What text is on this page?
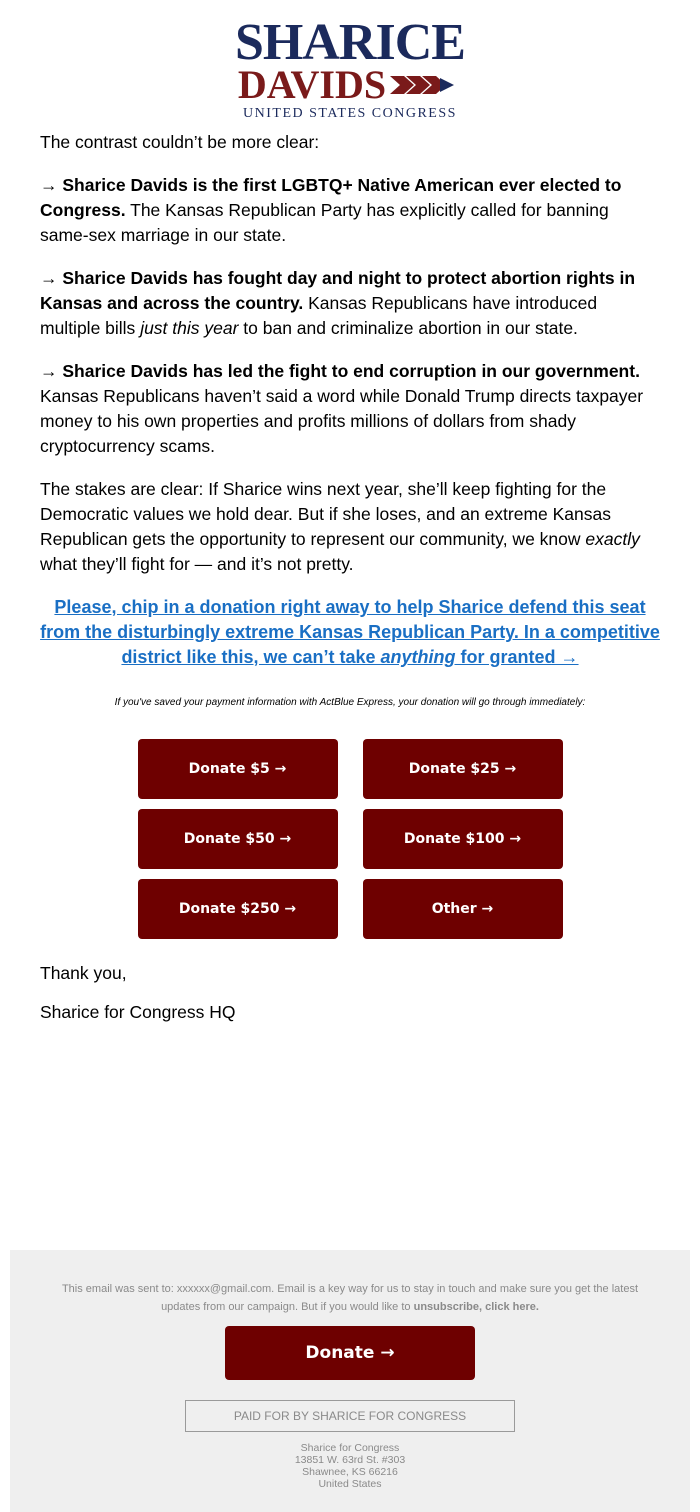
SHARICE
DAVIDS
UNITED STATES CONGRESS

The contrast couldn’t be more clear:

→ Sharice Davids is the first LGBTQ+ Native American ever elected to Congress. The Kansas Republican Party has explicitly called for banning same-sex marriage in our state.

→ Sharice Davids has fought day and night to protect abortion rights in Kansas and across the country. Kansas Republicans have introduced multiple bills just this year to ban and criminalize abortion in our state.

→ Sharice Davids has led the fight to end corruption in our government. Kansas Republicans haven’t said a word while Donald Trump directs taxpayer money to his own properties and profits millions of dollars from shady cryptocurrency scams.

The stakes are clear: If Sharice wins next year, she’ll keep fighting for the Democratic values we hold dear. But if she loses, and an extreme Kansas Republican gets the opportunity to represent our community, we know exactly what they’ll fight for — and it’s not pretty.

Please, chip in a donation right away to help Sharice defend this seat from the disturbingly extreme Kansas Republican Party. In a competitive district like this, we can’t take anything for granted →
If you've saved your payment information with ActBlue Express, your donation will go through immediately:
Donate $5 →	Donate $25 →
Donate $50 →	Donate $100 →
Donate $250 →	Other →

Thank you,

Sharice for Congress HQ

This email was sent to: xxxxxx@gmail.com. Email is a key way for us to stay in touch and make sure you get the latest updates from our campaign. But if you would like to unsubscribe, click here.
Donate →
PAID FOR BY SHARICE FOR CONGRESS
Sharice for Congress
13851 W. 63rd St. #303
Shawnee, KS 66216
United States
